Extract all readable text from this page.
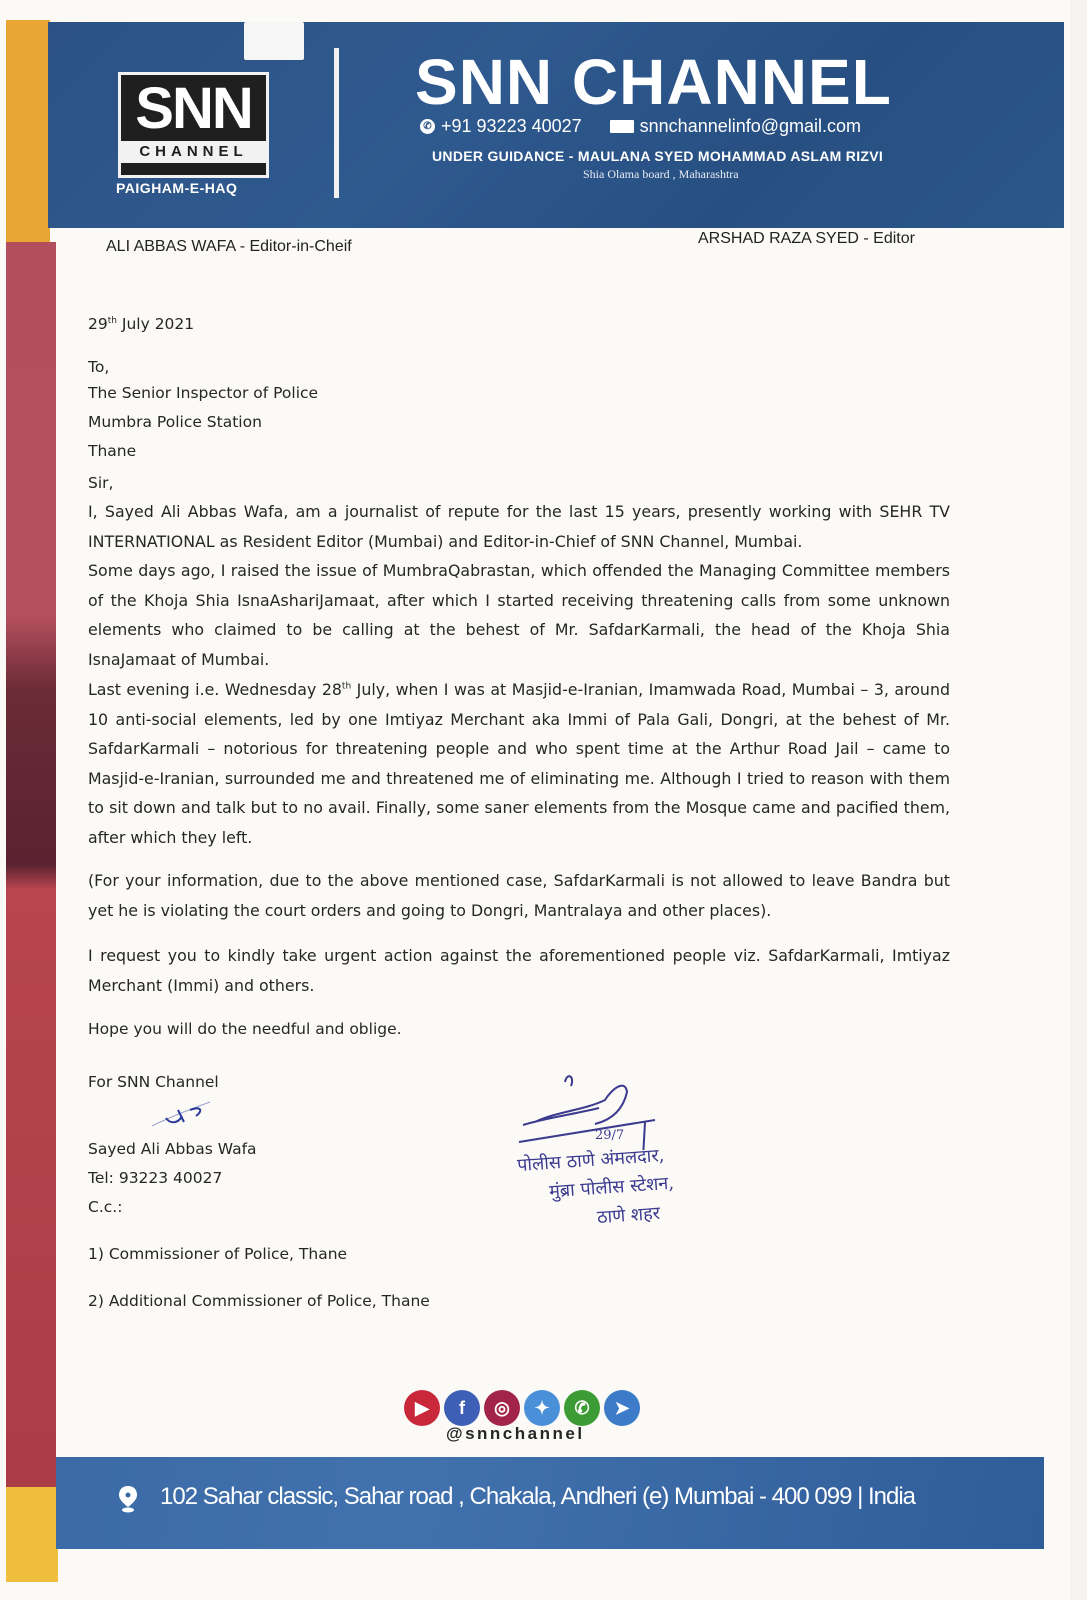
SNN
CHANNEL
PAIGHAM-E-HAQ
SNN CHANNEL
✆ +91 93223 40027	snnchannelinfo@gmail.com
UNDER GUIDANCE - MAULANA SYED MOHAMMAD ASLAM RIZVI
Shia Olama board , Maharashtra
ALI ABBAS WAFA - Editor-in-Cheif	ARSHAD RAZA SYED - Editor
29th July 2021
To,
The Senior Inspector of Police
Mumbra Police Station
Thane
Sir,
I, Sayed Ali Abbas Wafa, am a journalist of repute for the last 15 years, presently working with SEHR TV INTERNATIONAL as Resident Editor (Mumbai) and Editor-in-Chief of SNN Channel, Mumbai.
Some days ago, I raised the issue of MumbraQabrastan, which offended the Managing Committee members of the Khoja Shia IsnaAshariJamaat, after which I started receiving threatening calls from some unknown elements who claimed to be calling at the behest of Mr. SafdarKarmali, the head of the Khoja Shia IsnaJamaat of Mumbai.
Last evening i.e. Wednesday 28th July, when I was at Masjid-e-Iranian, Imamwada Road, Mumbai – 3, around 10 anti-social elements, led by one Imtiyaz Merchant aka Immi of Pala Gali, Dongri, at the behest of Mr. SafdarKarmali – notorious for threatening people and who spent time at the Arthur Road Jail – came to Masjid-e-Iranian, surrounded me and threatened me of eliminating me. Although I tried to reason with them to sit down and talk but to no avail. Finally, some saner elements from the Mosque came and pacified them, after which they left.
(For your information, due to the above mentioned case, SafdarKarmali is not allowed to leave Bandra but yet he is violating the court orders and going to Dongri, Mantralaya and other places).
I request you to kindly take urgent action against the aforementioned people viz. SafdarKarmali, Imtiyaz Merchant (Immi) and others.
Hope you will do the needful and oblige.
For SNN Channel
Sayed Ali Abbas Wafa
Tel: 93223 40027
C.c.:
1) Commissioner of Police, Thane
2) Additional Commissioner of Police, Thane
29/7
पोलीस ठाणे अंमलदार,
मुंब्रा पोलीस स्टेशन,
ठाणे शहर
▶	f	◎	✦	✆	➤
@snnchannel
102 Sahar classic, Sahar road , Chakala, Andheri (e) Mumbai - 400 099 | India
